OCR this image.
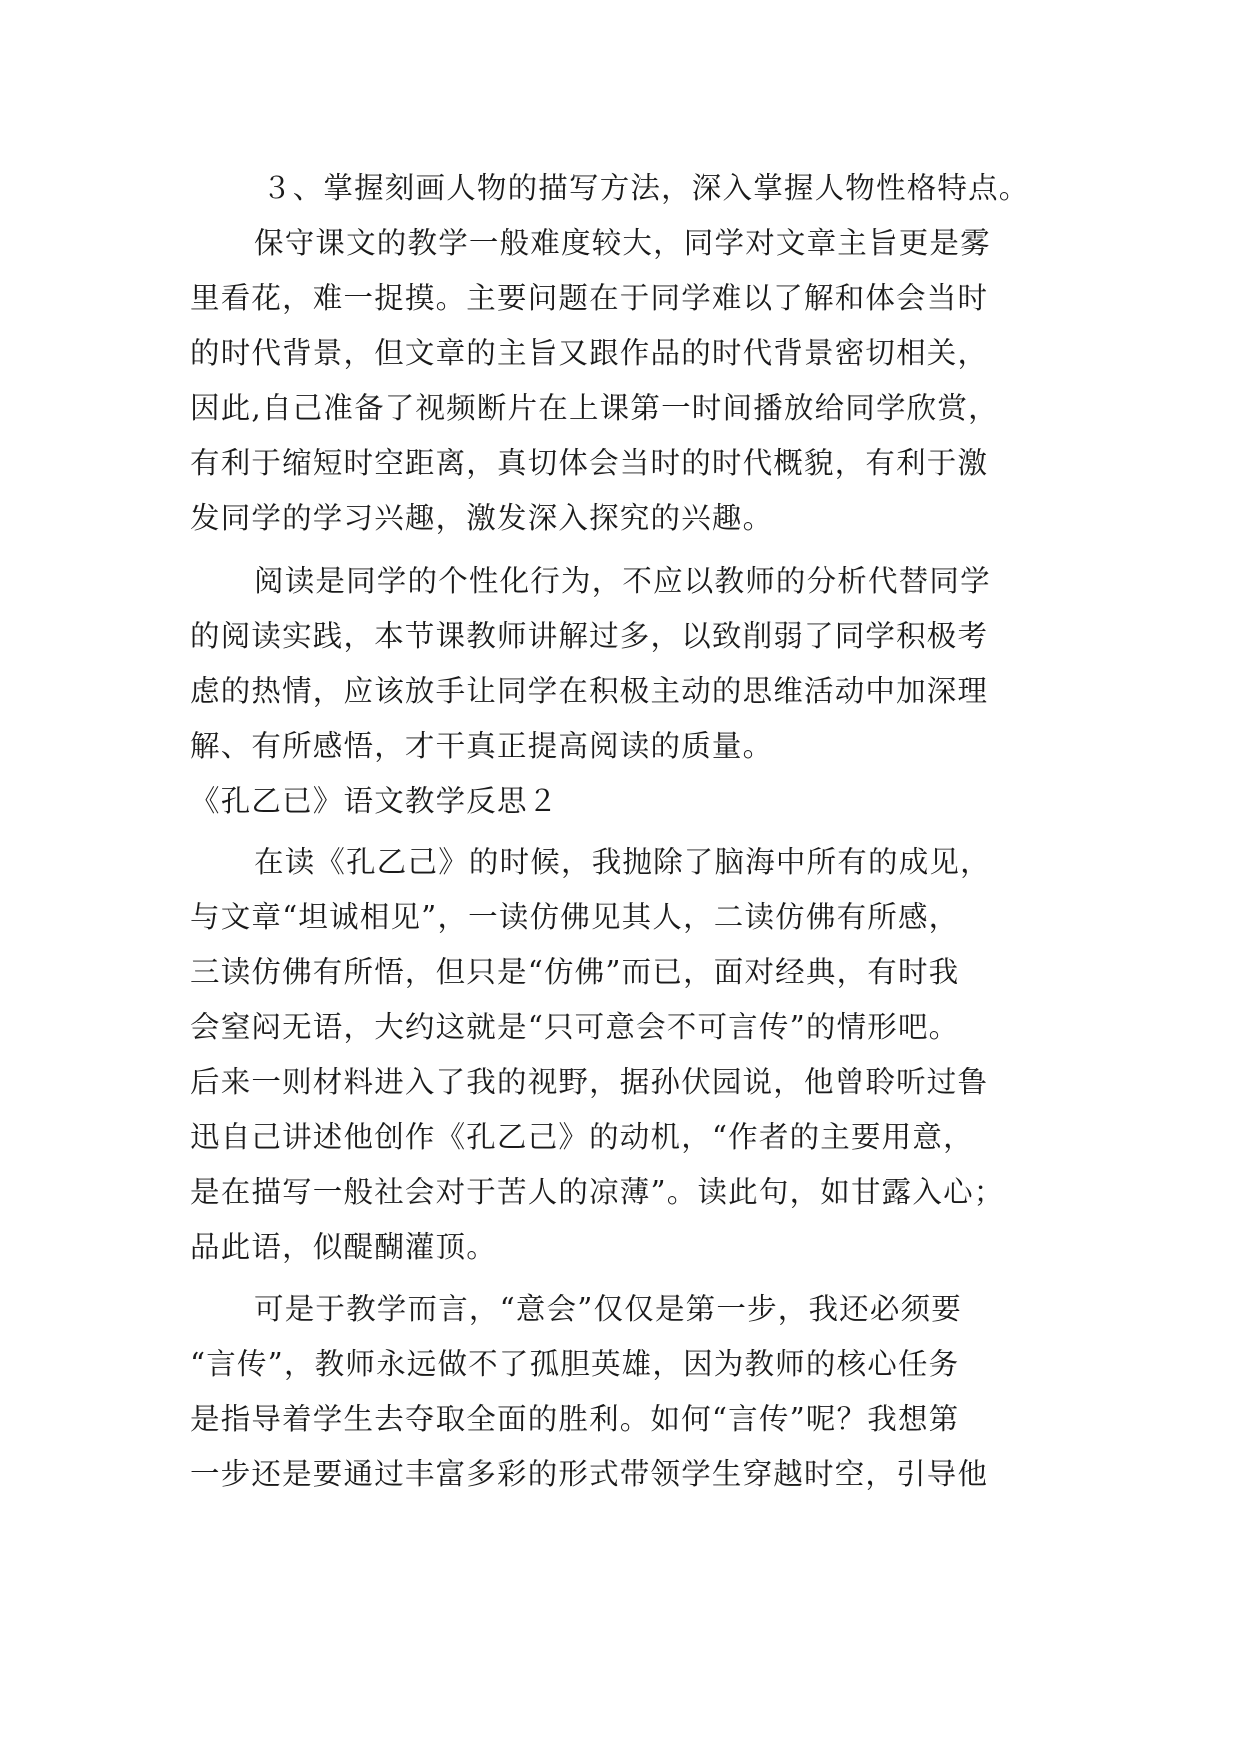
３、掌握刻画人物的描写方法，深入掌握人物性格特点。
保守课文的教学一般难度较大，同学对文章主旨更是雾
里看花，难一捉摸。主要问题在于同学难以了解和体会当时
的时代背景，但文章的主旨又跟作品的时代背景密切相关，
因此,自己准备了视频断片在上课第一时间播放给同学欣赏，
有利于缩短时空距离，真切体会当时的时代概貌，有利于激
发同学的学习兴趣，激发深入探究的兴趣。
阅读是同学的个性化行为，不应以教师的分析代替同学
的阅读实践，本节课教师讲解过多，以致削弱了同学积极考
虑的热情，应该放手让同学在积极主动的思维活动中加深理
解、有所感悟，才干真正提高阅读的质量。
《孔乙已》语文教学反思２
在读《孔乙己》的时候，我抛除了脑海中所有的成见，
与文章“坦诚相见”，一读仿佛见其人，二读仿佛有所感，
三读仿佛有所悟，但只是“仿佛”而已，面对经典，有时我
会窒闷无语，大约这就是“只可意会不可言传”的情形吧。
后来一则材料进入了我的视野，据孙伏园说，他曾聆听过鲁
迅自己讲述他创作《孔乙己》的动机，“作者的主要用意，
是在描写一般社会对于苦人的凉薄”。读此句，如甘露入心；
品此语，似醍醐灌顶。
可是于教学而言，“意会”仅仅是第一步，我还必须要
“言传”，教师永远做不了孤胆英雄，因为教师的核心任务
是指导着学生去夺取全面的胜利。如何“言传”呢？我想第
一步还是要通过丰富多彩的形式带领学生穿越时空，引导他
